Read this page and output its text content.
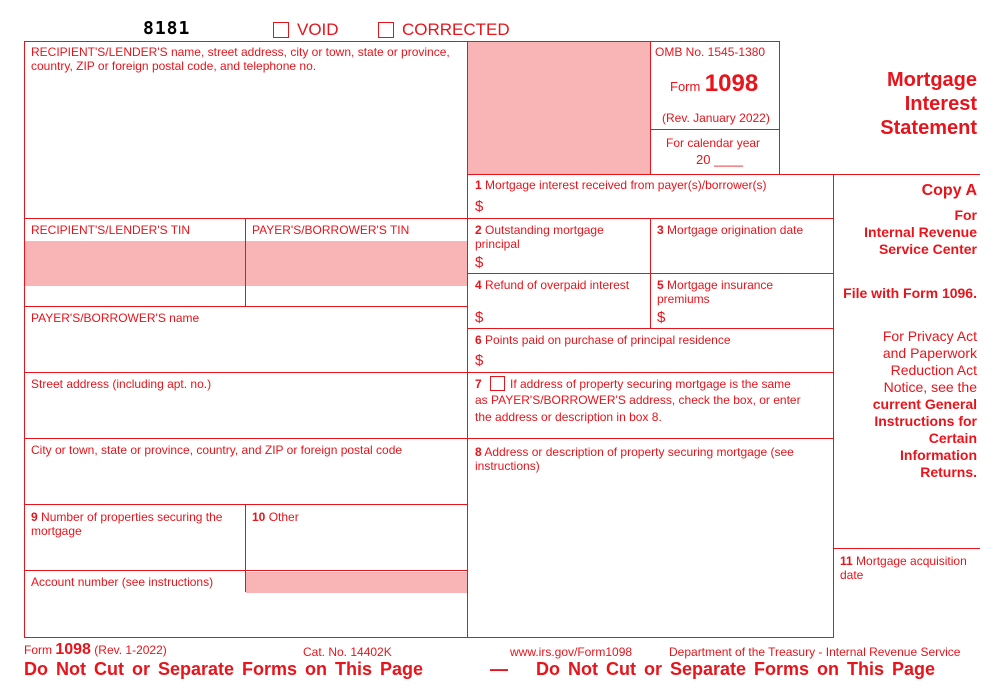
8181	VOID	CORRECTED
RECIPIENT'S/LENDER'S name, street address, city or town, state or province, country, ZIP or foreign postal code, and telephone no.
OMB No. 1545-1380
Form 1098
(Rev. January 2022)
For calendar year
20 ____
Mortgage
Interest
Statement
1 Mortgage interest received from payer(s)/borrower(s)
$
RECIPIENT'S/LENDER'S TIN	PAYER'S/BORROWER'S TIN	2 Outstanding mortgage principal
$
3 Mortgage origination date
4 Refund of overpaid interest
$
5 Mortgage insurance premiums
$
PAYER'S/BORROWER'S name
6 Points paid on purchase of principal residence
$
Street address (including apt. no.)	7 If address of property securing mortgage is the same
as PAYER'S/BORROWER'S address, check the box, or enter
the address or description in box 8.
City or town, state or province, country, and ZIP or foreign postal code	8 Address or description of property securing mortgage (see instructions)
9 Number of properties securing the mortgage
10 Other
Account number (see instructions)
Copy A
For
Internal Revenue
Service Center
File with Form 1096.
For Privacy Act
and Paperwork
Reduction Act
Notice, see the
current General
Instructions for
Certain
Information
Returns.
11 Mortgage acquisition date
Form 1098 (Rev. 1-2022)	Cat. No. 14402K	www.irs.gov/Form1098	Department of the Treasury - Internal Revenue Service
Do Not Cut or Separate Forms on This Page	— Do Not Cut or Separate Forms on This Page
